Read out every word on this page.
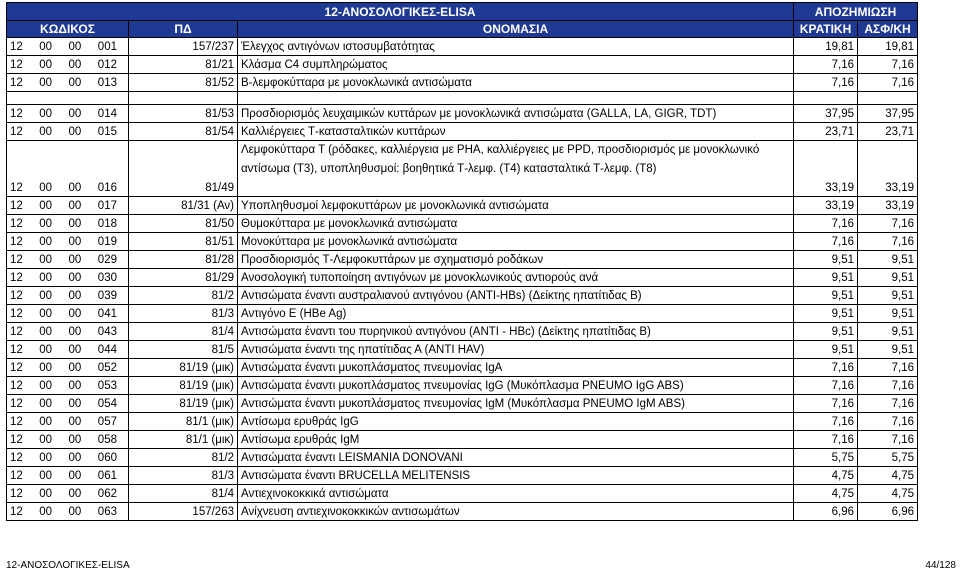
12-ΑΝΟΣΟΛΟΓΙΚΕΣ-ELISA			ΑΠΟΖΗΜΙΩΣΗ	
ΚΩΔΙΚΟΣ	ΠΔ	ΟΝΟΜΑΣΙΑ	ΚΡΑΤΙΚΗ	ΑΣΦ/ΚΗ

12 00 00 001	157/237	Έλεγχος αντιγόνων ιστοσυμβατότητας	19,81	19,81

12 00 00 012	81/21	Κλάσμα C4 συμπληρώματος	7,16	7,16

12 00 00 013	81/52	Β-λεμφοκύτταρα με μονοκλωνικά αντισώματα	7,16	7,16

12 00 00 014	81/53	Προσδιορισμός λευχαιμικών κυττάρων με μονοκλωνικά αντισώματα (GALLA, LA, GIGR, TDT)	37,95	37,95

12 00 00 015	81/54	Καλλιέργειες Τ-κατασταλτικών κυττάρων	23,71	23,71

12 00 00 016	81/49	Λεμφοκύτταρα Τ (ρόδακες, καλλιέργεια με PHA, καλλιέργειες με PPD, προσδιορισμός με μονοκλωνικό αντίσωμα (Τ3), υποπληθυσμοί: βοηθητικά Τ-λεμφ. (Τ4) κατασταλτικά Τ-λεμφ. (Τ8)	33,19	33,19

12 00 00 017	81/31 (Αν)	Υποπληθυσμοί λεμφοκυττάρων με μονοκλωνικά αντισώματα	33,19	33,19

12 00 00 018	81/50	Θυμοκύτταρα με μονοκλωνικά αντισώματα	7,16	7,16

12 00 00 019	81/51	Μονοκύτταρα με μονοκλωνικά αντισώματα	7,16	7,16

12 00 00 029	81/28	Προσδιορισμός Τ-Λεμφοκυττάρων με σχηματισμό ροδάκων	9,51	9,51

12 00 00 030	81/29	Ανοσολογική τυποποίηση αντιγόνων με μονοκλωνικούς αντιορούς ανά	9,51	9,51

12 00 00 039	81/2	Αντισώματα έναντι αυστραλιανού αντιγόνου (ANTI-HBs) (Δείκτης ηπατίτιδας Β)	9,51	9,51

12 00 00 041	81/3	Αντιγόνο Ε (HBe Ag)	9,51	9,51

12 00 00 043	81/4	Αντισώματα έναντι του πυρηνικού αντιγόνου (ΑΝΤΙ - HBc) (Δείκτης ηπατίτιδας Β)	9,51	9,51

12 00 00 044	81/5	Αντισώματα έναντι της ηπατίτιδας Α (ΑΝΤΙ HAV)	9,51	9,51

12 00 00 052	81/19 (μικ)	Αντισώματα έναντι μυκοπλάσματος πνευμονίας IgA	7,16	7,16

12 00 00 053	81/19 (μικ)	Αντισώματα έναντι μυκοπλάσματος πνευμονίας IgG (Μυκόπλασμα PNEUMO IgG ABS)	7,16	7,16

12 00 00 054	81/19 (μικ)	Αντισώματα έναντι μυκοπλάσματος πνευμονίας IgM (Μυκόπλασμα PNEUMO IgM ABS)	7,16	7,16

12 00 00 057	81/1 (μικ)	Αντίσωμα ερυθράς IgG	7,16	7,16

12 00 00 058	81/1 (μικ)	Αντίσωμα ερυθράς IgM	7,16	7,16

12 00 00 060	81/2	Αντισώματα έναντι LEISMANIA DONOVANI	5,75	5,75

12 00 00 061	81/3	Αντισώματα έναντι BRUCELLA MELITENSIS	4,75	4,75

12 00 00 062	81/4	Αντιεχινοκοκκικά αντισώματα	4,75	4,75

12 00 00 063	157/263	Ανίχνευση αντιεχινοκοκκικών αντισωμάτων	6,96	6,96
12-ΑΝΟΣΟΛΟΓΙΚΕΣ-ELISA	44/128
